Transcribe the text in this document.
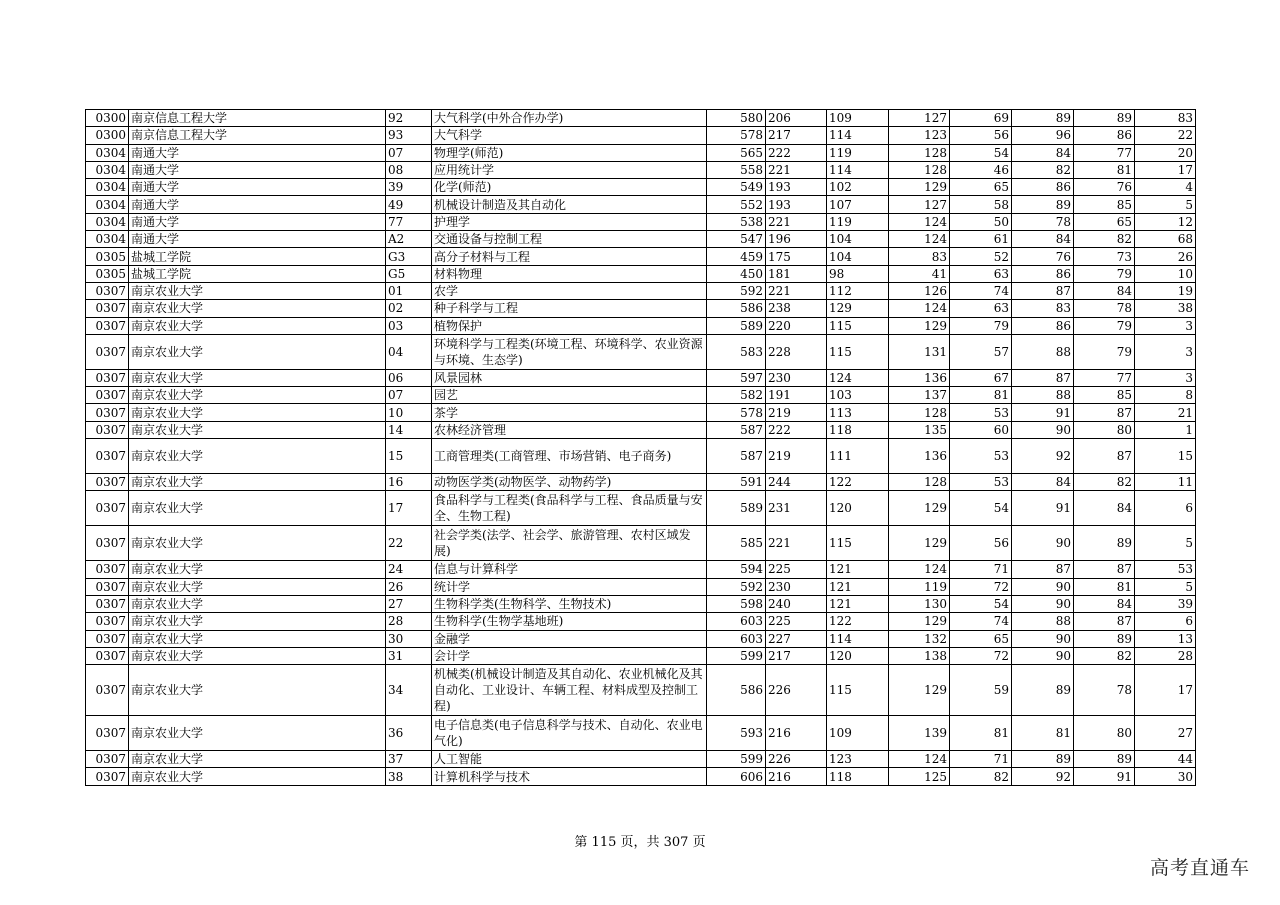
0300	南京信息工程大学	92	大气科学(中外合作办学)	580	206	109	127	69	89	89	83
0300	南京信息工程大学	93	大气科学	578	217	114	123	56	96	86	22
0304	南通大学	07	物理学(师范)	565	222	119	128	54	84	77	20
0304	南通大学	08	应用统计学	558	221	114	128	46	82	81	17
0304	南通大学	39	化学(师范)	549	193	102	129	65	86	76	4
0304	南通大学	49	机械设计制造及其自动化	552	193	107	127	58	89	85	5
0304	南通大学	77	护理学	538	221	119	124	50	78	65	12
0304	南通大学	A2	交通设备与控制工程	547	196	104	124	61	84	82	68
0305	盐城工学院	G3	高分子材料与工程	459	175	104	83	52	76	73	26
0305	盐城工学院	G5	材料物理	450	181	98	41	63	86	79	10
0307	南京农业大学	01	农学	592	221	112	126	74	87	84	19
0307	南京农业大学	02	种子科学与工程	586	238	129	124	63	83	78	38
0307	南京农业大学	03	植物保护	589	220	115	129	79	86	79	3
0307	南京农业大学	04	环境科学与工程类(环境工程、环境科学、农业资源与环境、生态学)	583	228	115	131	57	88	79	3
0307	南京农业大学	06	风景园林	597	230	124	136	67	87	77	3
0307	南京农业大学	07	园艺	582	191	103	137	81	88	85	8
0307	南京农业大学	10	茶学	578	219	113	128	53	91	87	21
0307	南京农业大学	14	农林经济管理	587	222	118	135	60	90	80	1
0307	南京农业大学	15	工商管理类(工商管理、市场营销、电子商务)	587	219	111	136	53	92	87	15
0307	南京农业大学	16	动物医学类(动物医学、动物药学)	591	244	122	128	53	84	82	11
0307	南京农业大学	17	食品科学与工程类(食品科学与工程、食品质量与安全、生物工程)	589	231	120	129	54	91	84	6
0307	南京农业大学	22	社会学类(法学、社会学、旅游管理、农村区域发展)	585	221	115	129	56	90	89	5
0307	南京农业大学	24	信息与计算科学	594	225	121	124	71	87	87	53
0307	南京农业大学	26	统计学	592	230	121	119	72	90	81	5
0307	南京农业大学	27	生物科学类(生物科学、生物技术)	598	240	121	130	54	90	84	39
0307	南京农业大学	28	生物科学(生物学基地班)	603	225	122	129	74	88	87	6
0307	南京农业大学	30	金融学	603	227	114	132	65	90	89	13
0307	南京农业大学	31	会计学	599	217	120	138	72	90	82	28
0307	南京农业大学	34	机械类(机械设计制造及其自动化、农业机械化及其自动化、工业设计、车辆工程、材料成型及控制工程)	586	226	115	129	59	89	78	17
0307	南京农业大学	36	电子信息类(电子信息科学与技术、自动化、农业电气化)	593	216	109	139	81	81	80	27
0307	南京农业大学	37	人工智能	599	226	123	124	71	89	89	44
0307	南京农业大学	38	计算机科学与技术	606	216	118	125	82	92	91	30
第 115 页，共 307 页
高考直通车
